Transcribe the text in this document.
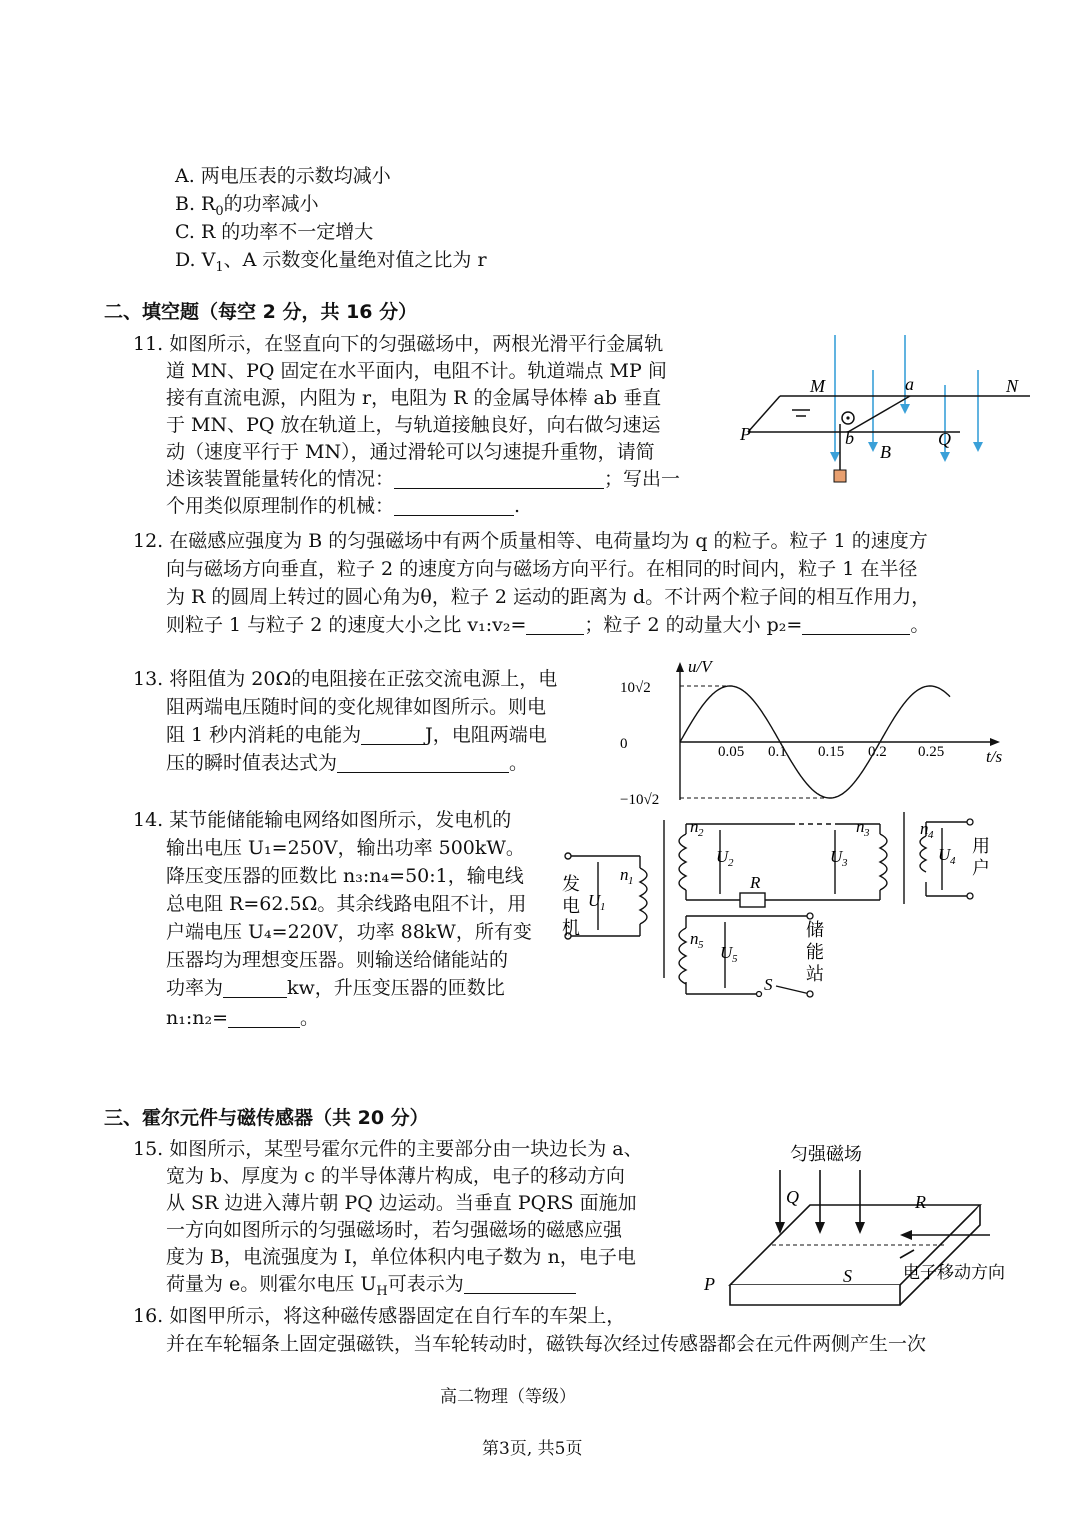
A. 两电压表的示数均减小
B. $R_0$的功率减小
C. R 的功率不一定增大
D. $V_1$、A 示数变化量绝对值之比为 r
二、填空题（每空 2 分，共 16 分）
11. 如图所示，在竖直向下的匀强磁场中，两根光滑平行金属轨
道 MN、PQ 固定在水平面内，电阻不计。轨道端点 MP 间
接有直流电源，内阻为 r，电阻为 R 的金属导体棒 ab 垂直
于 MN、PQ 放在轨道上，与轨道接触良好，向右做匀速运
动（速度平行于 MN），通过滑轮可以匀速提升重物，请简
述该装置能量转化的情况：	；写出一
个用类似原理制作的机械：	.
M	N
P	Q
a
b
B
12. 在磁感应强度为 B 的匀强磁场中有两个质量相等、电荷量均为 q 的粒子。粒子 1 的速度方
向与磁场方向垂直，粒子 2 的速度方向与磁场方向平行。在相同的时间内，粒子 1 在半径
为 R 的圆周上转过的圆心角为θ，粒子 2 运动的距离为 d。不计两个粒子间的相互作用力，
则粒子 1 与粒子 2 的速度大小之比 v₁:v₂=	；粒子 2 的动量大小 p₂=	。
13. 将阻值为 20Ω的电阻接在正弦交流电源上，电
阻两端电压随时间的变化规律如图所示。则电
阻 1 秒内消耗的电能为	J，电阻两端电
压的瞬时值表达式为	。
u/V
t/s
10√2
0
−10√2
0.05 0.1 0.15 0.2 0.25
14. 某节能储能输电网络如图所示，发电机的
输出电压 U₁=250V，输出功率 500kW。
降压变压器的匝数比 n₃:n₄=50:1，输电线
总电阻 R=62.5Ω。其余线路电阻不计，用
户端电压 U₄=220V，功率 88kW，所有变
压器均为理想变压器。则输送给储能站的
功率为	kw，升压变压器的匝数比
n₁:n₂=	。
n 1
n 2	n 3	n 4
n 5
U 1
U 2	U 3	U 4
U 5
R
S
发
电
机
用
户
储
能
站
三、霍尔元件与磁传感器（共 20 分）
15. 如图所示，某型号霍尔元件的主要部分由一块边长为 a、
宽为 b、厚度为 c 的半导体薄片构成，电子的移动方向
从 SR 边进入薄片朝 PQ 边运动。当垂直 PQRS 面施加
一方向如图所示的匀强磁场时，若匀强磁场的磁感应强
度为 B，电流强度为 I，单位体积内电子数为 n，电子电
荷量为 e。则霍尔电压 $U_H$可表示为
匀强磁场
Q	R
P	S	电子移动方向
16. 如图甲所示，将这种磁传感器固定在自行车的车架上，
并在车轮辐条上固定强磁铁，当车轮转动时，磁铁每次经过传感器都会在元件两侧产生一次
高二物理（等级）
第3页, 共5页
